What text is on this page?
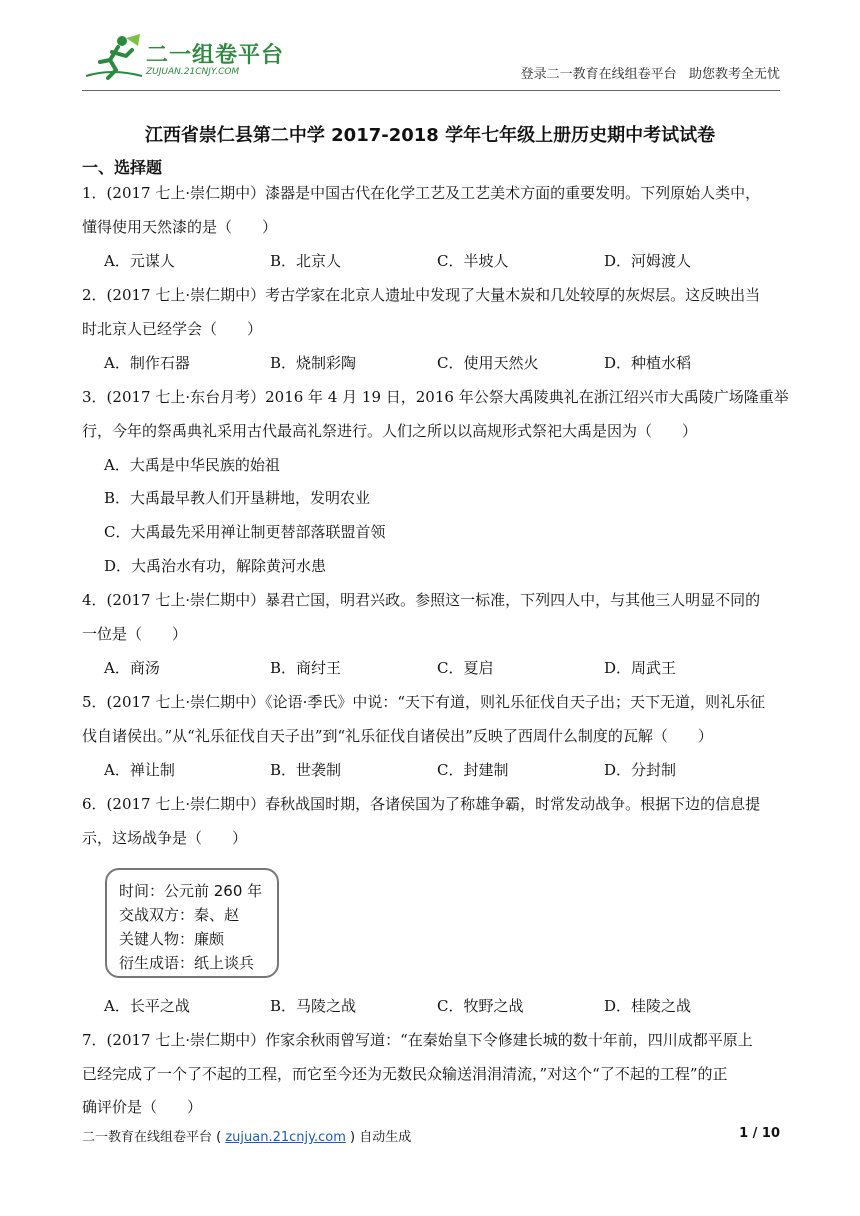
二一组卷平台
ZUJUAN.21CNJY.COM	登录二一教育在线组卷平台   助您教考全无忧
江西省崇仁县第二中学 2017-2018 学年七年级上册历史期中考试试卷
一、选择题
1．(2017 七上·崇仁期中）漆器是中国古代在化学工艺及工艺美术方面的重要发明。下列原始人类中，
懂得使用天然漆的是（　　）
A．元谋人	B．北京人	C．半坡人	D．河姆渡人
2．(2017 七上·崇仁期中）考古学家在北京人遗址中发现了大量木炭和几处较厚的灰烬层。这反映出当
时北京人已经学会（　　）
A．制作石器	B．烧制彩陶	C．使用天然火	D．种植水稻
3．(2017 七上·东台月考）2016 年 4 月 19 日，2016 年公祭大禹陵典礼在浙江绍兴市大禹陵广场隆重举
行，今年的祭禹典礼采用古代最高礼祭进行。人们之所以以高规形式祭祀大禹是因为（　　）
A．大禹是中华民族的始祖
B．大禹最早教人们开垦耕地，发明农业
C．大禹最先采用禅让制更替部落联盟首领
D．大禹治水有功，解除黄河水患
4．(2017 七上·崇仁期中）暴君亡国，明君兴政。参照这一标准，下列四人中，与其他三人明显不同的
一位是（　　）
A．商汤	B．商纣王	C．夏启	D．周武王
5．(2017 七上·崇仁期中）《论语·季氏》中说：“天下有道，则礼乐征伐自天子出；天下无道，则礼乐征
伐自诸侯出。”从“礼乐征伐自天子出”到“礼乐征伐自诸侯出”反映了西周什么制度的瓦解（　　）
A．禅让制	B．世袭制	C．封建制	D．分封制
6．(2017 七上·崇仁期中）春秋战国时期，各诸侯国为了称雄争霸，时常发动战争。根据下边的信息提
示，这场战争是（　　）
时间：公元前 260 年
交战双方：秦、赵
关键人物：廉颇
衍生成语：纸上谈兵
A．长平之战	B．马陵之战	C．牧野之战	D．桂陵之战
7．(2017 七上·崇仁期中）作家余秋雨曾写道：“在秦始皇下令修建长城的数十年前，四川成都平原上
已经完成了一个了不起的工程，而它至今还为无数民众输送涓涓清流，”对这个“了不起的工程”的正
确评价是（　　）
二一教育在线组卷平台 ( zujuan.21cnjy.com ) 自动生成	1 / 10
